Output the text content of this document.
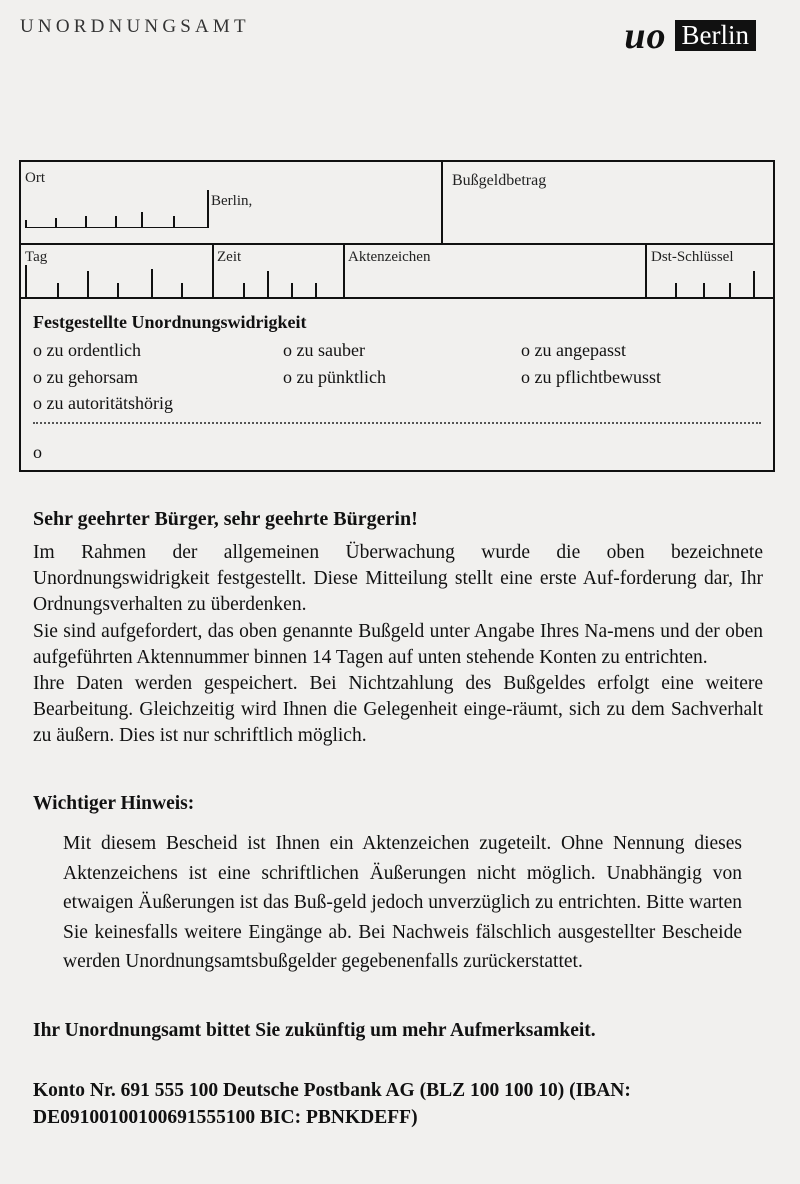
UNORDNUNGSAMT	uo Berlin
Ort
Berlin,
Bußgeldbetrag
Tag	Zeit	Aktenzeichen	Dst-Schlüssel
Festgestellte Unordnungswidrigkeit
o zu ordentlich	o zu sauber	o zu angepasst
o zu gehorsam	o zu pünktlich	o zu pflichtbewusst
o zu autoritätshörig
o
Sehr geehrter Bürger, sehr geehrte Bürgerin!

Im Rahmen der allgemeinen Überwachung wurde die oben bezeichnete Unordnungswidrigkeit festgestellt. Diese Mitteilung stellt eine erste Auf-forderung dar, Ihr Ordnungsverhalten zu überdenken.

Sie sind aufgefordert, das oben genannte Bußgeld unter Angabe Ihres Na-mens und der oben aufgeführten Aktennummer binnen 14 Tagen auf unten stehende Konten zu entrichten.

Ihre Daten werden gespeichert. Bei Nichtzahlung des Bußgeldes erfolgt eine weitere Bearbeitung. Gleichzeitig wird Ihnen die Gelegenheit einge-räumt, sich zu dem Sachverhalt zu äußern. Dies ist nur schriftlich möglich.

Wichtiger Hinweis:
Mit diesem Bescheid ist Ihnen ein Aktenzeichen zugeteilt. Ohne Nennung dieses Aktenzeichens ist eine schriftlichen Äußerungen nicht möglich. Unabhängig von etwaigen Äußerungen ist das Buß-geld jedoch unverzüglich zu entrichten. Bitte warten Sie keinesfalls weitere Eingänge ab. Bei Nachweis fälschlich ausgestellter Bescheide werden Unordnungsamtsbußgelder gegebenenfalls zurückerstattet.
Ihr Unordnungsamt bittet Sie zukünftig um mehr Aufmerksamkeit.
Konto Nr. 691 555 100 Deutsche Postbank AG (BLZ 100 100 10) (IBAN: DE09100100100691555100 BIC: PBNKDEFF)
